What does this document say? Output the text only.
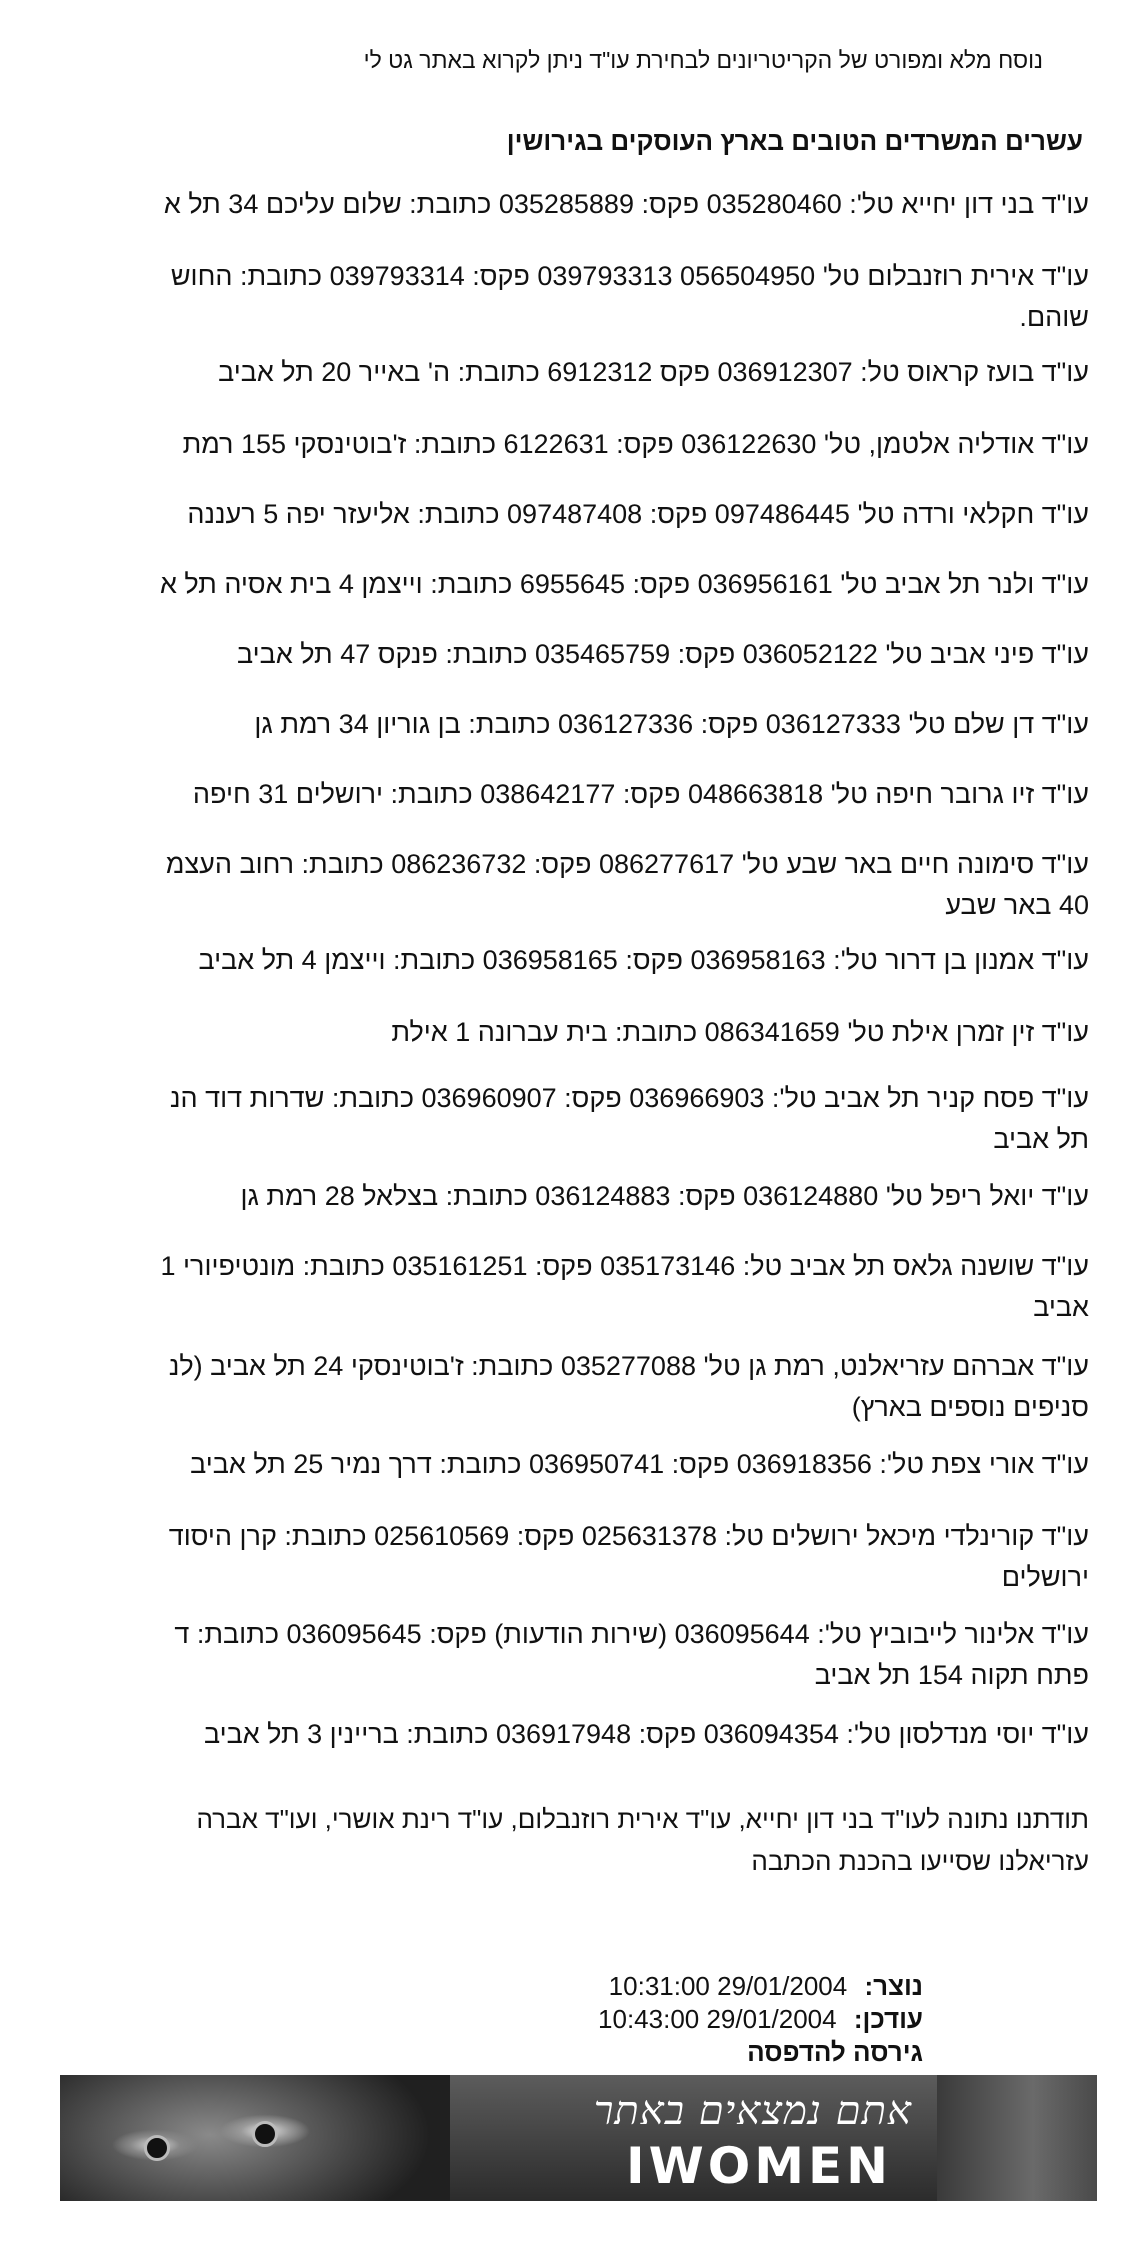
נוסח מלא ומפורט של הקריטריונים לבחירת עו"ד ניתן לקרוא באתר גט לי
עשרים המשרדים הטובים בארץ העוסקים בגירושין
עו"ד בני דון יחייא טל': 035280460 פקס: 035285889 כתובת: שלום עליכם 34 תל א
עו"ד אירית רוזנבלום טל' 056504950 039793313 פקס: 039793314 כתובת: החוש
שוהם.
עו"ד בועז קראוס טל: 036912307 פקס 6912312 כתובת: ה' באייר 20 תל אביב
עו"ד אודליה אלטמן, טל' 036122630 פקס: 6122631 כתובת: ז'בוטינסקי 155 רמת
עו"ד חקלאי ורדה טל' 097486445 פקס: 097487408 כתובת: אליעזר יפה 5 רעננה
עו"ד ולנר תל אביב טל' 036956161 פקס: 6955645 כתובת: וייצמן 4 בית אסיה תל א
עו"ד פיני אביב טל' 036052122 פקס: 035465759 כתובת: פנקס 47 תל אביב
עו"ד דן שלם טל' 036127333 פקס: 036127336 כתובת: בן גוריון 34 רמת גן
עו"ד זיו גרובר חיפה טל' 048663818 פקס: 038642177 כתובת: ירושלים 31 חיפה
עו"ד סימונה חיים באר שבע טל' 086277617 פקס: 086236732 כתובת: רחוב העצמ
40 באר שבע
עו"ד אמנון בן דרור טל': 036958163 פקס: 036958165 כתובת: וייצמן 4 תל אביב
עו"ד זין זמרן אילת טל' 086341659 כתובת: בית עברונה 1 אילת
עו"ד פסח קניר תל אביב טל': 036966903 פקס: 036960907 כתובת: שדרות דוד הנ
תל אביב
עו"ד יואל ריפל טל' 036124880 פקס: 036124883 כתובת: בצלאל 28 רמת גן
עו"ד שושנה גלאס תל אביב טל: 035173146 פקס: 035161251 כתובת: מונטיפיורי 1
אביב
עו"ד אברהם עזריאלנט, רמת גן טל' 035277088 כתובת: ז'בוטינסקי 24 תל אביב (לנ
סניפים נוספים בארץ)
עו"ד אורי צפת טל': 036918356 פקס: 036950741 כתובת: דרך נמיר 25 תל אביב
עו"ד קורינלדי מיכאל ירושלים טל: 025631378 פקס: 025610569 כתובת: קרן היסוד
ירושלים
עו"ד אלינור לייבוביץ טל': 036095644 (שירות הודעות) פקס: 036095645 כתובת: ד
פתח תקוה 154 תל אביב
עו"ד יוסי מנדלסון טל': 036094354 פקס: 036917948 כתובת: בריינין 3 תל אביב
תודתנו נתונה לעו"ד בני דון יחייא, עו"ד אירית רוזנבלום, עו"ד רינת אושרי, ועו"ד אברה
עזריאלנו שסייעו בהכנת הכתבה
נוצר: 10:31:00 29/01/2004
עודכן: 10:43:00 29/01/2004
גירסה להדפסה
אתם נמצאים באתר
IWOMEN
